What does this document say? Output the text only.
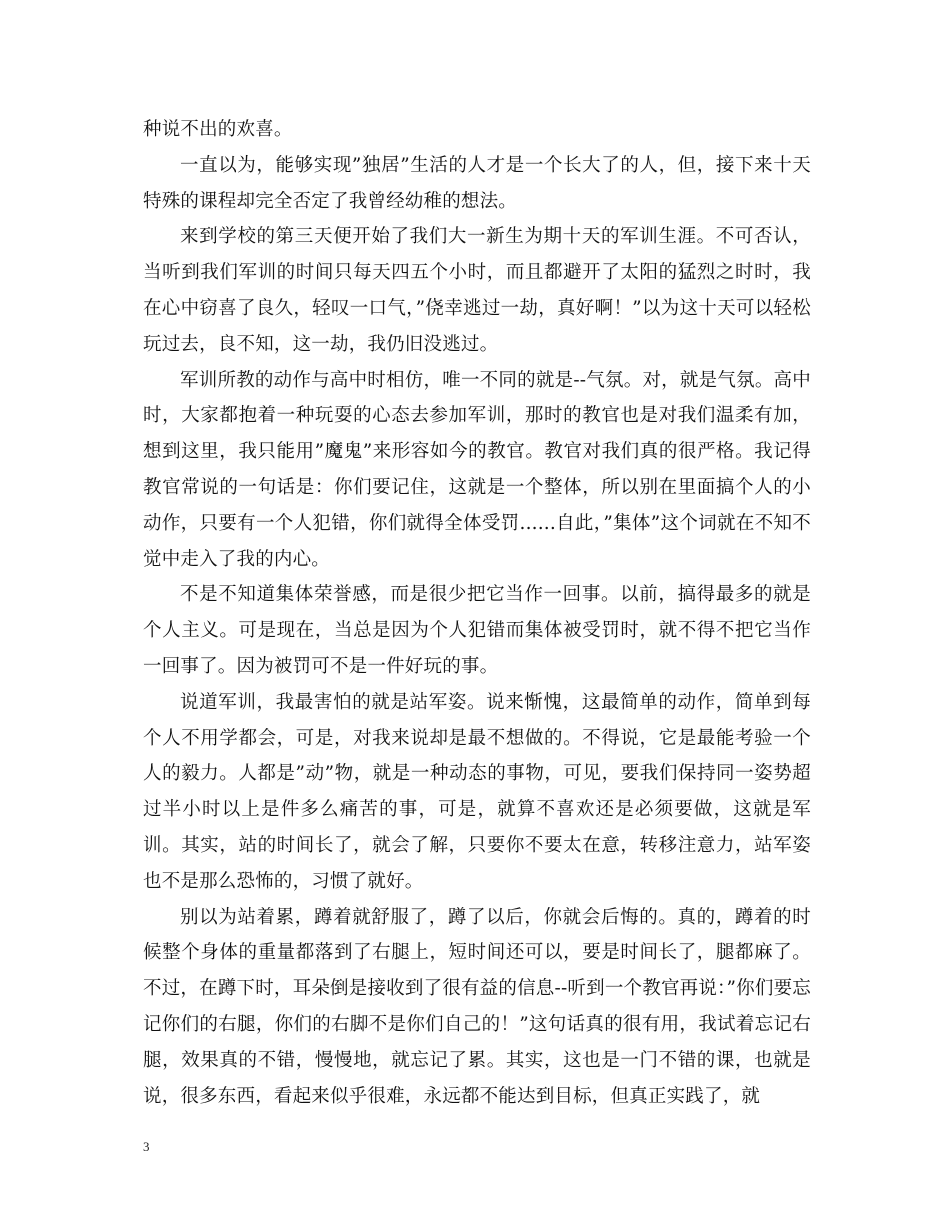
种说不出的欢喜。

一直以为，能够实现”独居”生活的人才是一个长大了的人，但，接下来十天特殊的课程却完全否定了我曾经幼稚的想法。

来到学校的第三天便开始了我们大一新生为期十天的军训生涯。不可否认，当听到我们军训的时间只每天四五个小时，而且都避开了太阳的猛烈之时时，我在心中窃喜了良久，轻叹一口气，”侥幸逃过一劫，真好啊！”以为这十天可以轻松玩过去，良不知，这一劫，我仍旧没逃过。

军训所教的动作与高中时相仿，唯一不同的就是--气氛。对，就是气氛。高中时，大家都抱着一种玩耍的心态去参加军训，那时的教官也是对我们温柔有加，想到这里，我只能用”魔鬼”来形容如今的教官。教官对我们真的很严格。我记得教官常说的一句话是：你们要记住，这就是一个整体，所以别在里面搞个人的小动作，只要有一个人犯错，你们就得全体受罚......自此，”集体”这个词就在不知不觉中走入了我的内心。

不是不知道集体荣誉感，而是很少把它当作一回事。以前，搞得最多的就是个人主义。可是现在，当总是因为个人犯错而集体被受罚时，就不得不把它当作一回事了。因为被罚可不是一件好玩的事。

说道军训，我最害怕的就是站军姿。说来惭愧，这最简单的动作，简单到每个人不用学都会，可是，对我来说却是最不想做的。不得说，它是最能考验一个人的毅力。人都是”动”物，就是一种动态的事物，可见，要我们保持同一姿势超过半小时以上是件多么痛苦的事，可是，就算不喜欢还是必须要做，这就是军训。其实，站的时间长了，就会了解，只要你不要太在意，转移注意力，站军姿也不是那么恐怖的，习惯了就好。

别以为站着累，蹲着就舒服了，蹲了以后，你就会后悔的。真的，蹲着的时候整个身体的重量都落到了右腿上，短时间还可以，要是时间长了，腿都麻了。不过，在蹲下时，耳朵倒是接收到了很有益的信息--听到一个教官再说：”你们要忘记你们的右腿，你们的右脚不是你们自己的！”这句话真的很有用，我试着忘记右腿，效果真的不错，慢慢地，就忘记了累。其实，这也是一门不错的课，也就是说，很多东西，看起来似乎很难，永远都不能达到目标，但真正实践了，就

3
